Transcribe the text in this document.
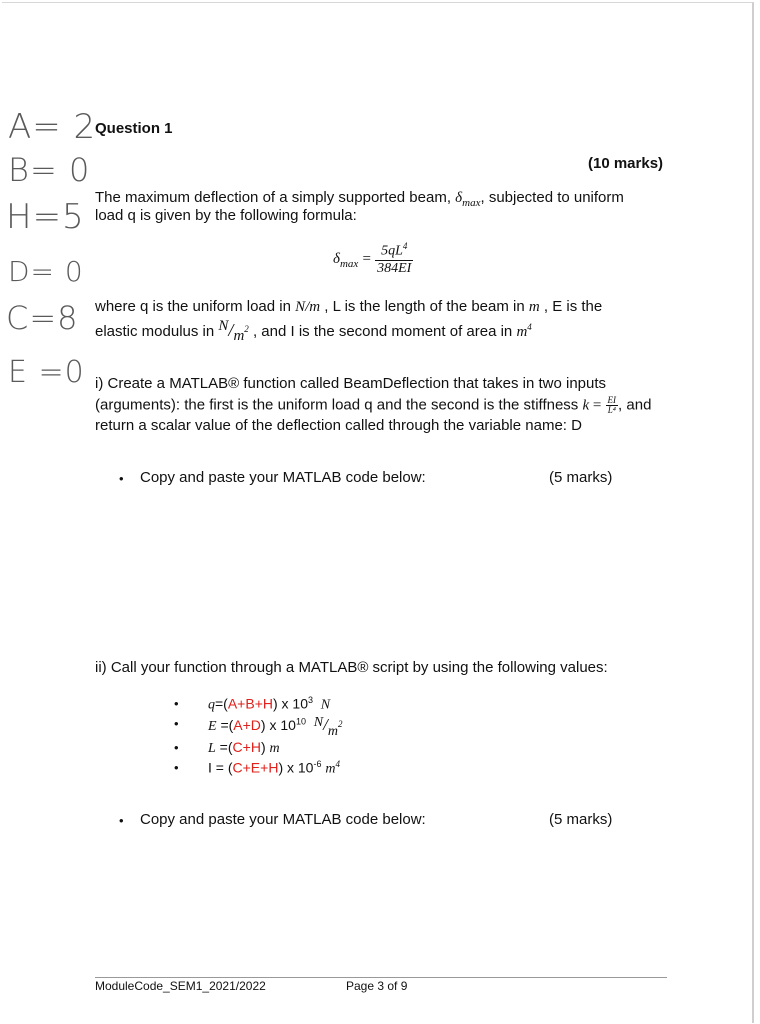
A= 2
B= 0
H=5
D= 0
C=8
E =0
Question 1
(10 marks)
The maximum deflection of a simply supported beam, $\delta_{max}$, subjected to uniform
load q is given by the following formula:
$\delta_{max} = \frac{5qL^4}{384EI}$
where q is the uniform load in N/m , L is the length of the beam in m , E is the
elastic modulus in $N/m^2$ , and I is the second moment of area in $m^4$
i) Create a MATLAB® function called BeamDeflection that takes in two inputs
(arguments): the first is the uniform load q and the second is the stiffness $k = \frac{EI}{\text{L⁴}}$ , and
return a scalar value of the deflection called through the variable name: D
• Copy and paste your MATLAB code below:	(5 marks)
ii) Call your function through a MATLAB® script by using the following values:
• q=(A+B+H) x $10^3$ N
• E =(A+D) x $10^{10}$ $N/m^2$
• L =(C+H) m
• I = (C+E+H) x $10^{-6}$ $m^4$
• Copy and paste your MATLAB code below:	(5 marks)
ModuleCode_SEM1_2021/2022	Page 3 of 9
